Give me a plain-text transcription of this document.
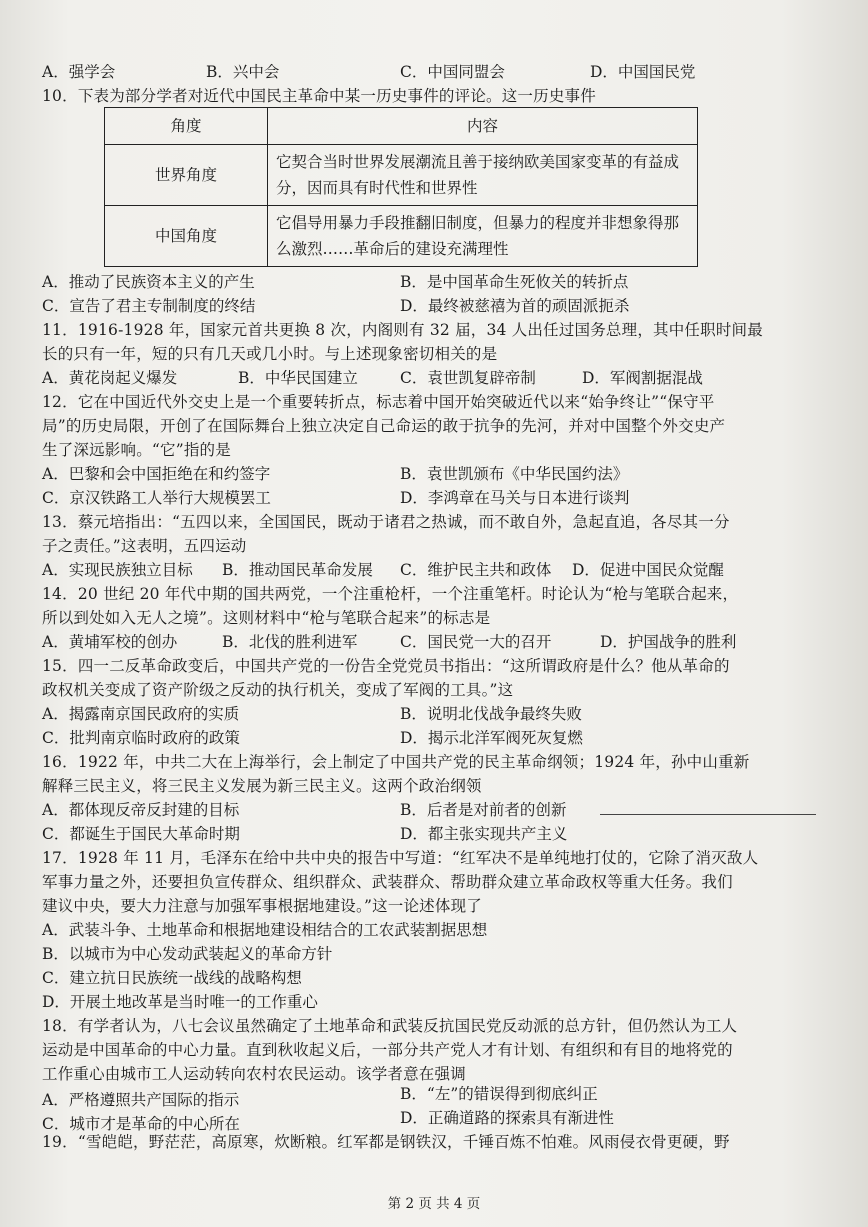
A．强学会	B．兴中会	C．中国同盟会	D．中国国民党
10．下表为部分学者对近代中国民主革命中某一历史事件的评论。这一历史事件
角度	内容
世界角度	它契合当时世界发展潮流且善于接纳欧美国家变革的有益成
分，因而具有时代性和世界性

中国角度	它倡导用暴力手段推翻旧制度，但暴力的程度并非想象得那
么激烈……革命后的建设充满理性
A．推动了民族资本主义的产生	B．是中国革命生死攸关的转折点
C．宣告了君主专制制度的终结	D．最终被慈禧为首的顽固派扼杀
11．1916-1928 年，国家元首共更换 8 次，内阁则有 32 届，34 人出任过国务总理，其中任职时间最
长的只有一年，短的只有几天或几小时。与上述现象密切相关的是
A．黄花岗起义爆发	B．中华民国建立	C．袁世凯复辟帝制	D．军阀割据混战
12．它在中国近代外交史上是一个重要转折点，标志着中国开始突破近代以来“始争终让”“保守平
局”的历史局限，开创了在国际舞台上独立决定自己命运的敢于抗争的先河，并对中国整个外交史产
生了深远影响。“它”指的是
A．巴黎和会中国拒绝在和约签字	B．袁世凯颁布《中华民国约法》
C．京汉铁路工人举行大规模罢工	D．李鸿章在马关与日本进行谈判
13．蔡元培指出：“五四以来，全国国民，既动于诸君之热诚，而不敢自外，急起直追，各尽其一分
子之责任。”这表明，五四运动
A．实现民族独立目标 B．推动国民革命发展 C．维护民主共和政体 D．促进中国民众觉醒
14．20 世纪 20 年代中期的国共两党，一个注重枪杆，一个注重笔杆。时论认为“枪与笔联合起来，
所以到处如入无人之境”。这则材料中“枪与笔联合起来”的标志是
A．黄埔军校的创办	B．北伐的胜利进军	C．国民党一大的召开	D．护国战争的胜利
15．四一二反革命政变后，中国共产党的一份告全党党员书指出：“这所谓政府是什么？他从革命的
政权机关变成了资产阶级之反动的执行机关，变成了军阀的工具。”这
A．揭露南京国民政府的实质	B．说明北伐战争最终失败
C．批判南京临时政府的政策	D．揭示北洋军阀死灰复燃
16．1922 年，中共二大在上海举行，会上制定了中国共产党的民主革命纲领；1924 年，孙中山重新
解释三民主义，将三民主义发展为新三民主义。这两个政治纲领
A．都体现反帝反封建的目标	B．后者是对前者的创新
C．都诞生于国民大革命时期	D．都主张实现共产主义
17．1928 年 11 月，毛泽东在给中共中央的报告中写道：“红军决不是单纯地打仗的，它除了消灭敌人
军事力量之外，还要担负宣传群众、组织群众、武装群众、帮助群众建立革命政权等重大任务。我们
建议中央，要大力注意与加强军事根据地建设。”这一论述体现了
A．武装斗争、土地革命和根据地建设相结合的工农武装割据思想
B．以城市为中心发动武装起义的革命方针
C．建立抗日民族统一战线的战略构想
D．开展土地改革是当时唯一的工作重心
18．有学者认为，八七会议虽然确定了土地革命和武装反抗国民党反动派的总方针，但仍然认为工人
运动是中国革命的中心力量。直到秋收起义后，一部分共产党人才有计划、有组织和有目的地将党的
工作重心由城市工人运动转向农村农民运动。该学者意在强调
A．严格遵照共产国际的指示	B．“左”的错误得到彻底纠正
C．城市才是革命的中心所在	D．正确道路的探索具有渐进性
19．“雪皑皑，野茫茫，高原寒，炊断粮。红军都是钢铁汉，千锤百炼不怕难。风雨侵衣骨更硬，野
第 2 页 共 4 页
